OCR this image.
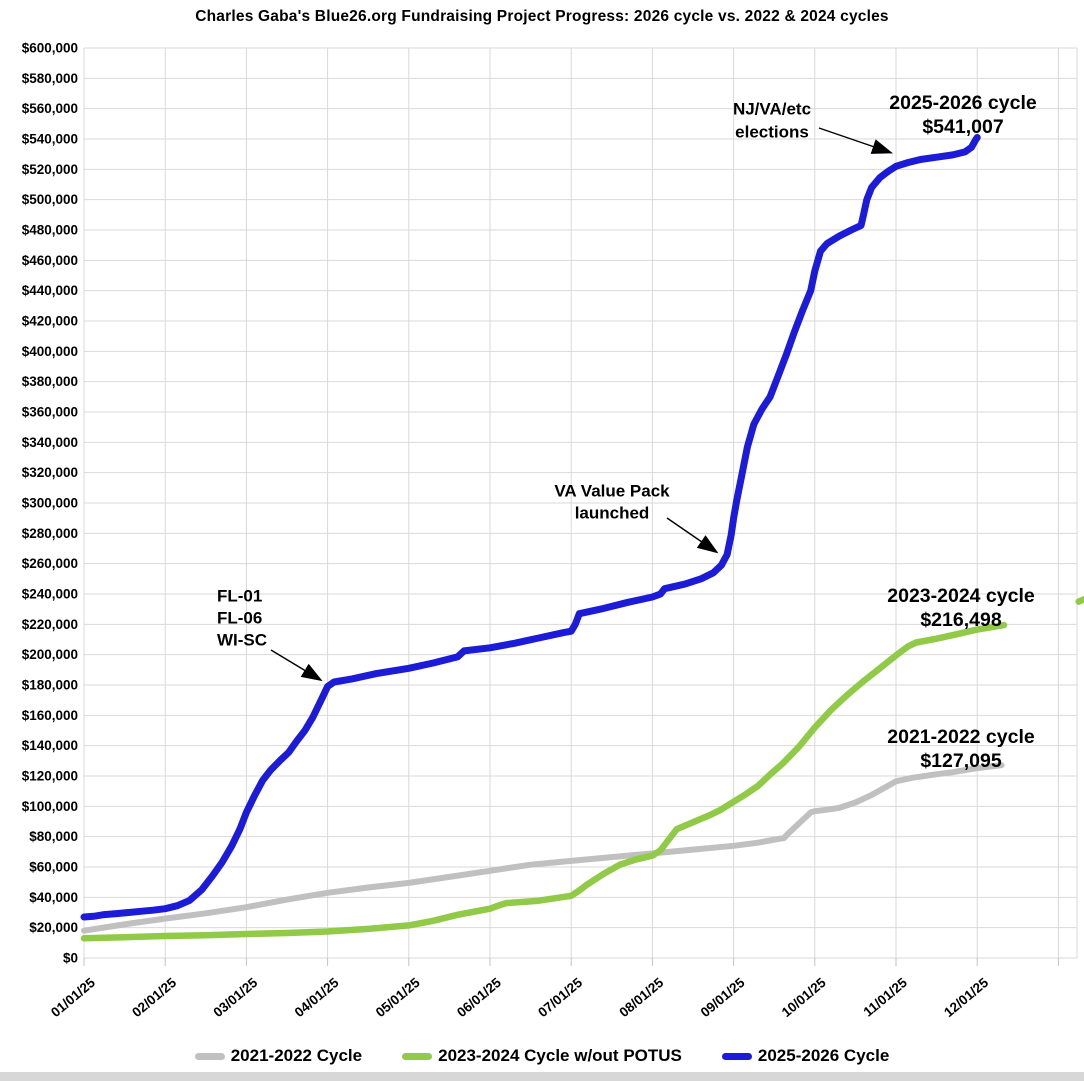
Charles Gaba's Blue26.org Fundraising Project Progress: 2026 cycle vs. 2022 & 2024 cycles
$0
$20,000
$40,000
$60,000
$80,000
$100,000
$120,000
$140,000
$160,000
$180,000
$200,000
$220,000
$240,000
$260,000
$280,000
$300,000
$320,000
$340,000
$360,000
$380,000
$400,000
$420,000
$440,000
$460,000
$480,000
$500,000
$520,000
$540,000
$560,000
$580,000
$600,000
01/01/25 02/01/25 03/01/25 04/01/25 05/01/25 06/01/25 07/01/25 08/01/25 09/01/25 10/01/25 11/01/25 12/01/25
FL-01
FL-06
WI-SC
VA Value Pack
launched
NJ/VA/etc
elections
2025-2026 cycle
$541,007
2023-2024 cycle
$216,498
2021-2022 cycle
$127,095
2021-2022 Cycle	2023-2024 Cycle w/out POTUS	2025-2026 Cycle
